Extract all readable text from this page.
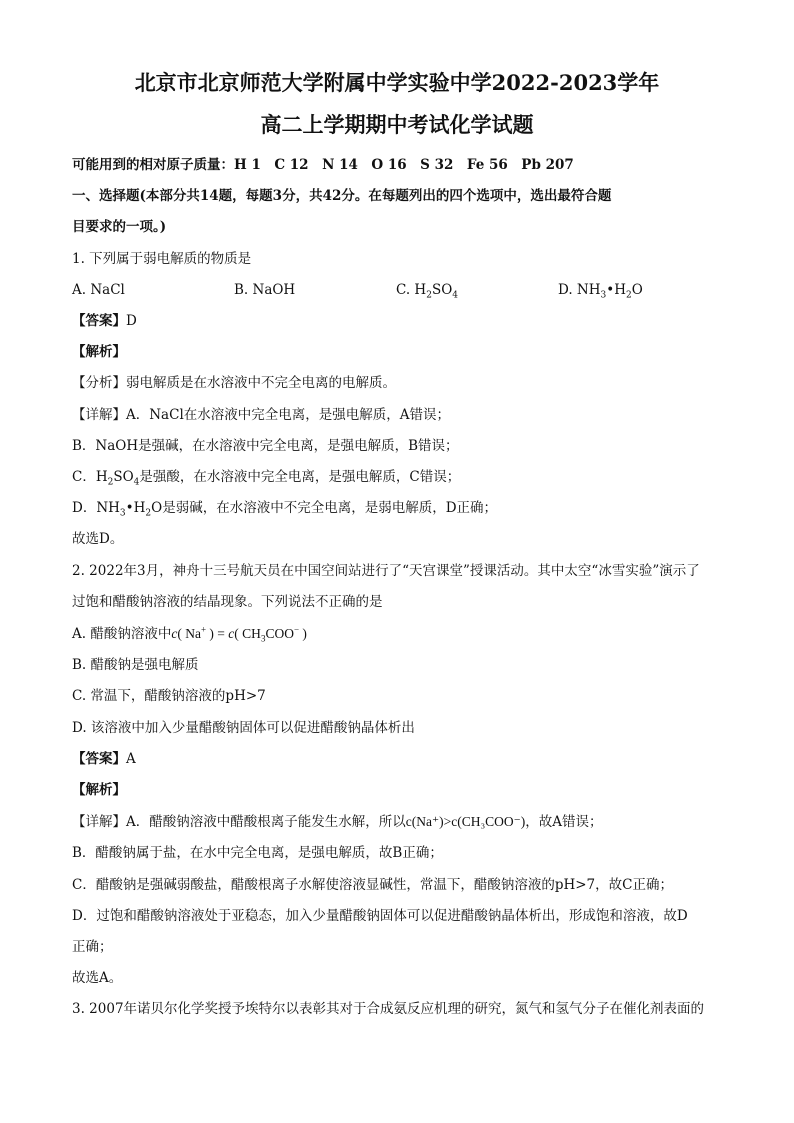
北京市北京师范大学附属中学实验中学2022-2023学年
高二上学期期中考试化学试题

可能用到的相对原子质量：H 1　C 12　N 14　O 16　S 32　Fe 56　Pb 207

一、选择题(本部分共14题，每题3分，共42分。在每题列出的四个选项中，选出最符合题

目要求的一项。)

1. 下列属于弱电解质的物质是

A. NaCl	B. NaOH	C. $H_2SO_4$	D. $NH_3•H_2O$

【答案】D

【解析】

【分析】弱电解质是在水溶液中不完全电离的电解质。

【详解】A．NaCl在水溶液中完全电离，是强电解质，A错误；

B．NaOH是强碱，在水溶液中完全电离，是强电解质，B错误；

C．$H_2SO_4$是强酸，在水溶液中完全电离，是强电解质，C错误；

D．$NH_3•H_2O$是弱碱，在水溶液中不完全电离，是弱电解质，D正确；

故选D。

2. 2022年3月，神舟十三号航天员在中国空间站进行了“天宫课堂”授课活动。其中太空“冰雪实验”演示了

过饱和醋酸钠溶液的结晶现象。下列说法不正确的是

A. 醋酸钠溶液中c( Na+ ) = c( $CH_3COO^-$ )

B. 醋酸钠是强电解质

C. 常温下，醋酸钠溶液的pH>7

D. 该溶液中加入少量醋酸钠固体可以促进醋酸钠晶体析出

【答案】A

【解析】

【详解】A．醋酸钠溶液中醋酸根离子能发生水解，所以c(Na⁺)>c(CH₃COO⁻)，故A错误；

B．醋酸钠属于盐，在水中完全电离，是强电解质，故B正确；

C．醋酸钠是强碱弱酸盐，醋酸根离子水解使溶液显碱性，常温下，醋酸钠溶液的pH>7，故C正确；

D．过饱和醋酸钠溶液处于亚稳态，加入少量醋酸钠固体可以促进醋酸钠晶体析出，形成饱和溶液，故D

正确；

故选A。

3. 2007年诺贝尔化学奖授予埃特尔以表彰其对于合成氨反应机理的研究，氮气和氢气分子在催化剂表面的
